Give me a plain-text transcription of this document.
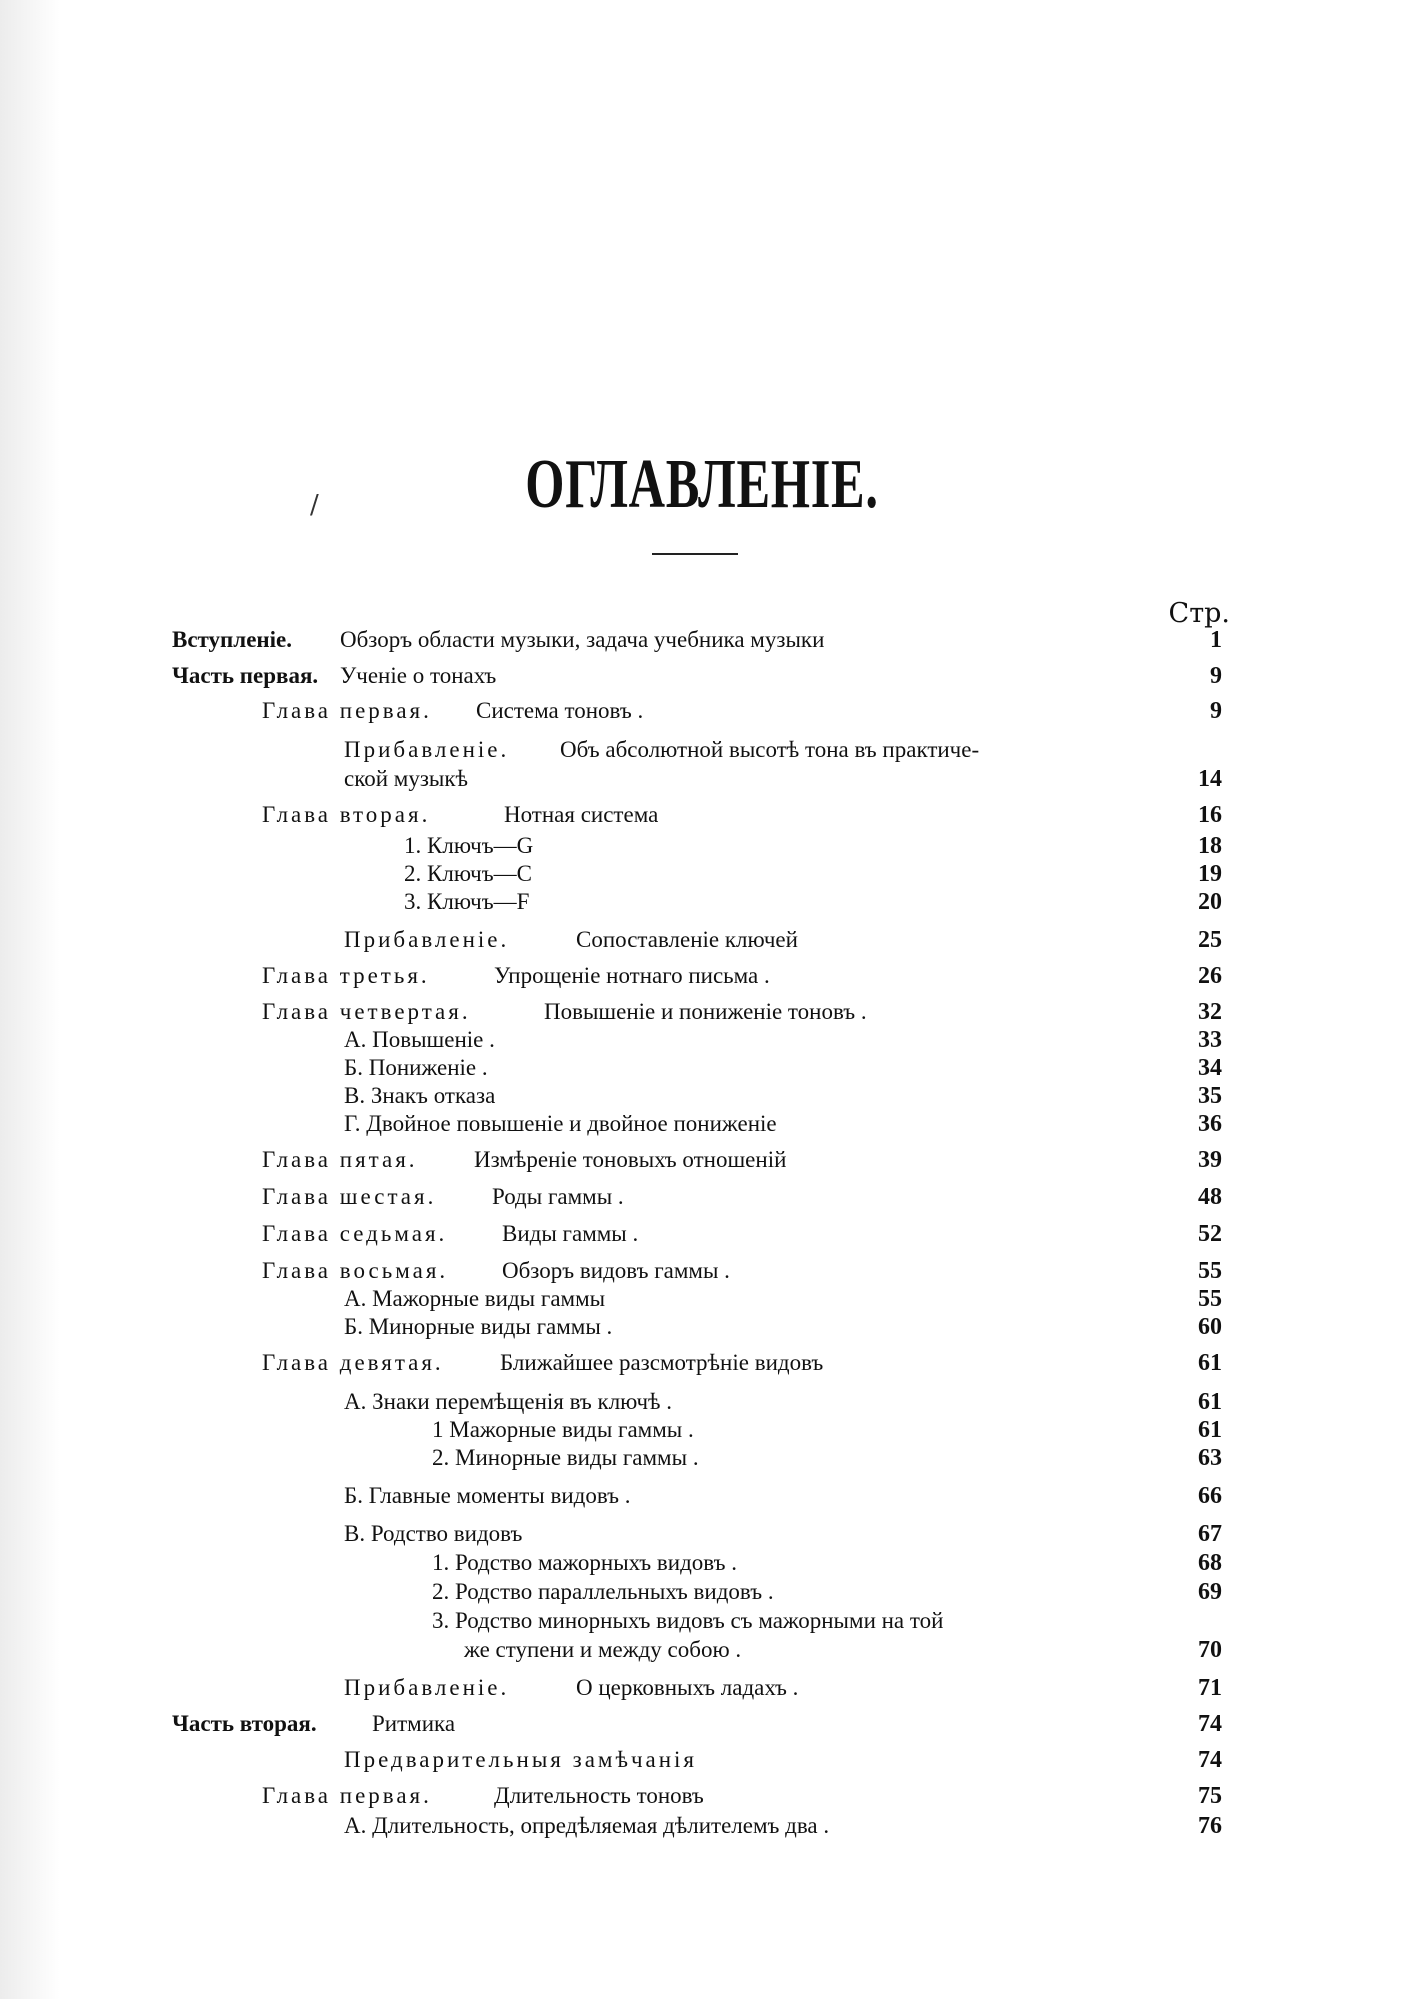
/	ОГЛАВЛЕНІЕ.
Стр.
Вступленіе. Обзоръ области музыки, задача учебника музыки	1
Часть первая. Ученіе о тонахъ	9
Глава первая. Система тоновъ .	9
Прибавленіе. Объ абсолютной высотѣ тона въ практиче-
ской музыкѣ	14
Глава вторая.	Нотная система	16
1. Ключъ—G	18
2. Ключъ—C	19
3. Ключъ—F	20
Прибавленіе.	Сопоставленіе ключей	25
Глава третья.	Упрощеніе нотнаго письма .	26
Глава четвертая.	Повышеніе и пониженіе тоновъ .	32
А. Повышеніе .	33
Б. Пониженіе .	34
В. Знакъ отказа	35
Г. Двойное повышеніе и двойное пониженіе	36
Глава пятая. Измѣреніе тоновыхъ отношеній	39
Глава шестая. Роды гаммы .	48
Глава седьмая. Виды гаммы .	52
Глава восьмая. Обзоръ видовъ гаммы .	55
А. Мажорные виды гаммы	55
Б. Минорные виды гаммы .	60
Глава девятая. Ближайшее разсмотрѣніе видовъ	61
А. Знаки перемѣщенія въ ключѣ .	61
1 Мажорные виды гаммы .	61
2. Минорные виды гаммы .	63
Б. Главные моменты видовъ .	66
В. Родство видовъ	67
1. Родство мажорныхъ видовъ .	68
2. Родство параллельныхъ видовъ .	69
3. Родство минорныхъ видовъ съ мажорными на той
же ступени и между собою .	70
Прибавленіе.	О церковныхъ ладахъ .	71
Часть вторая. Ритмика	74
Предварительныя замѣчанія	74
Глава первая.	Длительность тоновъ	75
А. Длительность, опредѣляемая дѣлителемъ два .	76
